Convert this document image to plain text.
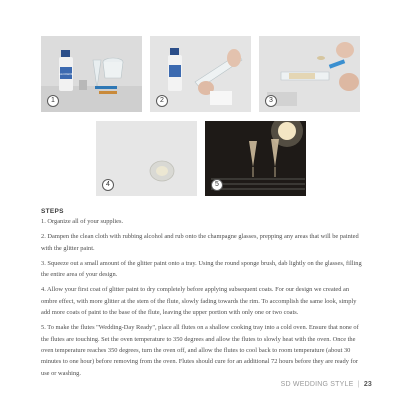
ALCOHOL
1	2	3
4	5
STEPS
1. Organize all of your supplies.
2. Dampen the clean cloth with rubbing alcohol and rub onto the champagne glasses, prepping any areas that will be painted with the glitter paint.
3. Squeeze out a small amount of the glitter paint onto a tray. Using the round sponge brush, dab lightly on the glasses, filling the entire area of your design.
4. Allow your first coat of glitter paint to dry completely before applying subsequent coats. For our design we created an ombre effect, with more glitter at the stem of the flute, slowly fading towards the rim. To accomplish the same look, simply add more coats of paint to the base of the flute, leaving the upper portion with only one or two coats.
5. To make the flutes "Wedding-Day Ready", place all flutes on a shallow cooking tray into a cold oven. Ensure that none of the flutes are touching. Set the oven temperature to 350 degrees and allow the flutes to slowly heat with the oven. Once the oven temperature reaches 350 degrees, turn the oven off, and allow the flutes to cool back to room temperature (about 30 minutes to one hour) before removing from the oven. Flutes should cure for an additional 72 hours before they are ready for use or washing.
SD WEDDING STYLE | 23
